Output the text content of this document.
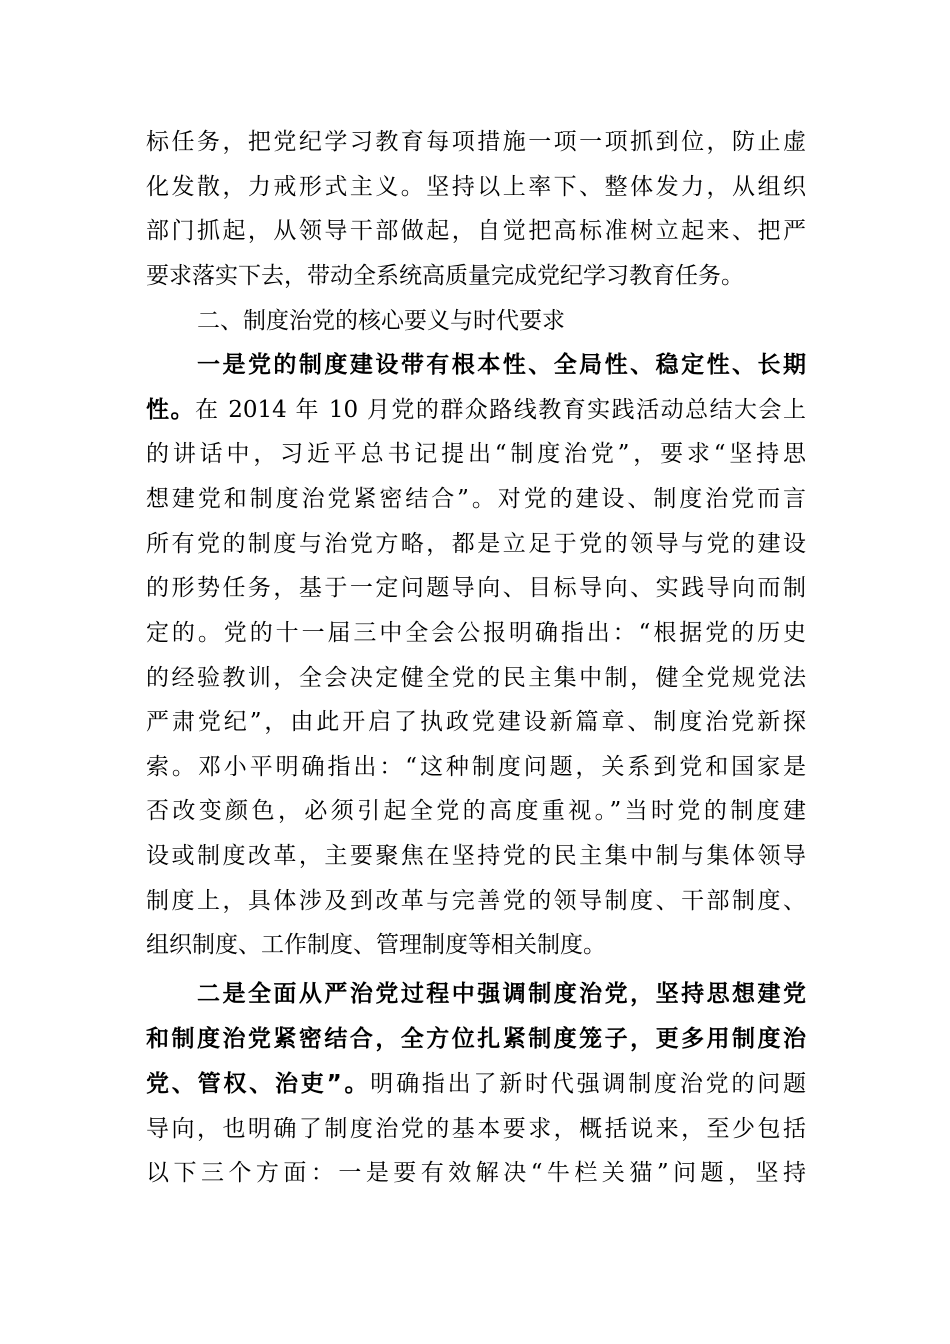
标任务，把党纪学习教育每项措施一项一项抓到位，防止虚
化发散，力戒形式主义。坚持以上率下、整体发力，从组织
部门抓起，从领导干部做起，自觉把高标准树立起来、把严
要求落实下去，带动全系统高质量完成党纪学习教育任务。
二、制度治党的核心要义与时代要求
一是党的制度建设带有根本性、全局性、稳定性、长期
性。在 2014 年 10 月党的群众路线教育实践活动总结大会上
的讲话中，习近平总书记提出“制度治党”，要求“坚持思
想建党和制度治党紧密结合”。对党的建设、制度治党而言
所有党的制度与治党方略，都是立足于党的领导与党的建设
的形势任务，基于一定问题导向、目标导向、实践导向而制
定的。党的十一届三中全会公报明确指出：“根据党的历史
的经验教训，全会决定健全党的民主集中制，健全党规党法
严肃党纪”，由此开启了执政党建设新篇章、制度治党新探
索。邓小平明确指出：“这种制度问题，关系到党和国家是
否改变颜色，必须引起全党的高度重视。”当时党的制度建
设或制度改革，主要聚焦在坚持党的民主集中制与集体领导
制度上，具体涉及到改革与完善党的领导制度、干部制度、
组织制度、工作制度、管理制度等相关制度。
二是全面从严治党过程中强调制度治党，坚持思想建党
和制度治党紧密结合，全方位扎紧制度笼子，更多用制度治
党、管权、治吏”。明确指出了新时代强调制度治党的问题
导向，也明确了制度治党的基本要求，概括说来，至少包括
以下三个方面：一是要有效解决“牛栏关猫”问题，坚持
